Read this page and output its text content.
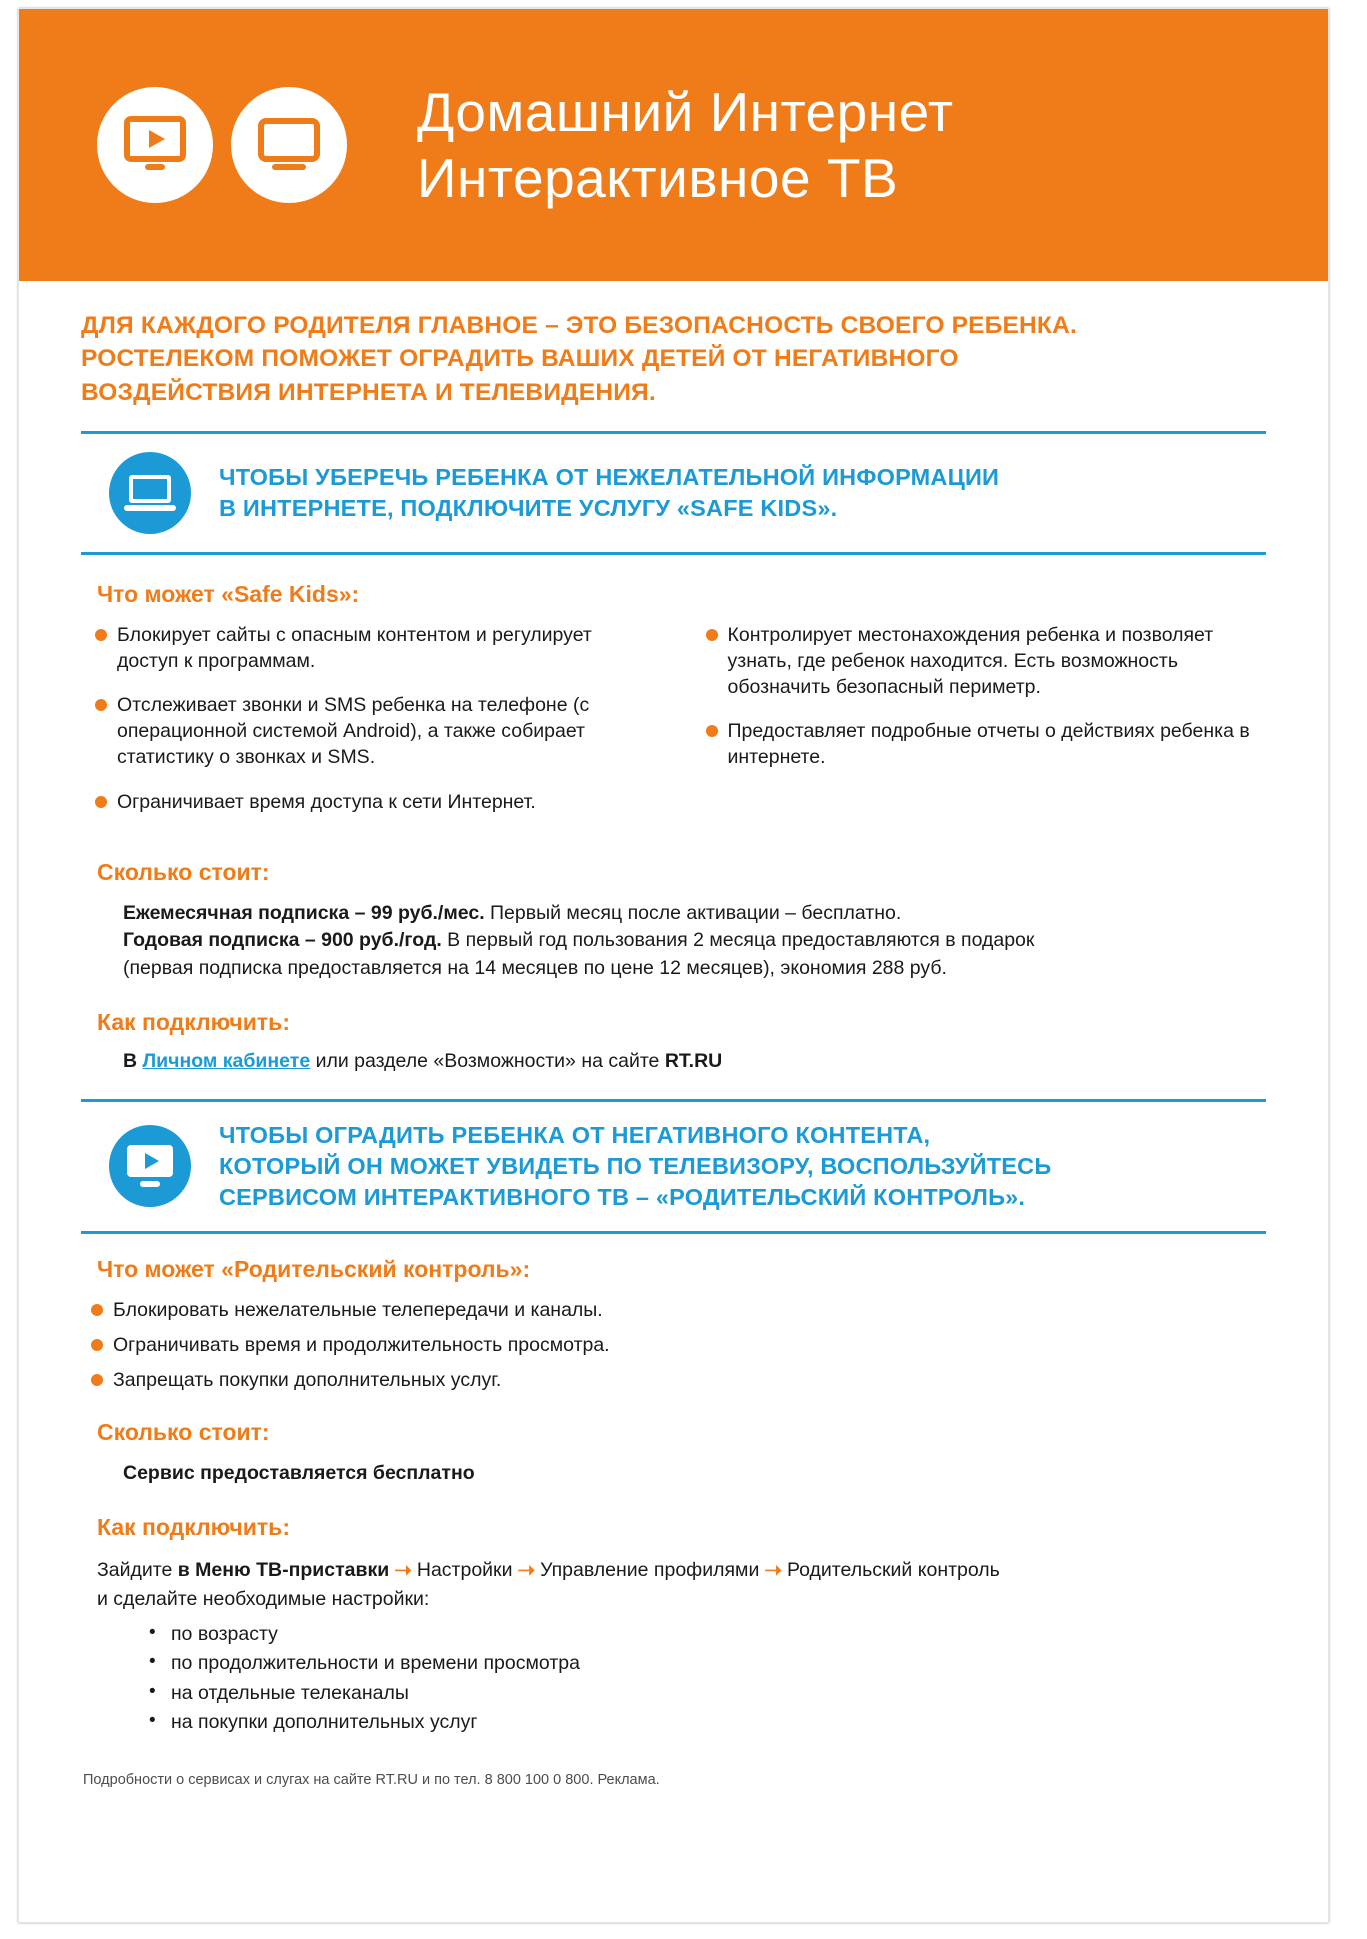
Домашний Интернет
Интерактивное ТВ
ДЛЯ КАЖДОГО РОДИТЕЛЯ ГЛАВНОЕ – ЭТО БЕЗОПАСНОСТЬ СВОЕГО РЕБЕНКА.
РОСТЕЛЕКОМ ПОМОЖЕТ ОГРАДИТЬ ВАШИХ ДЕТЕЙ ОТ НЕГАТИВНОГО
ВОЗДЕЙСТВИЯ ИНТЕРНЕТА И ТЕЛЕВИДЕНИЯ.
ЧТОБЫ УБЕРЕЧЬ РЕБЕНКА ОТ НЕЖЕЛАТЕЛЬНОЙ ИНФОРМАЦИИ
В ИНТЕРНЕТЕ, ПОДКЛЮЧИТЕ УСЛУГУ «SAFE KIDS».
Что может «Safe Kids»:
Блокирует сайты с опасным контентом и регулирует доступ к программам.
Отслеживает звонки и SMS ребенка на телефоне (с операционной системой Android), а также собирает статистику о звонках и SMS.
Ограничивает время доступа к сети Интернет.
Контролирует местонахождения ребенка и позволяет узнать, где ребенок находится. Есть возможность обозначить безопасный периметр.
Предоставляет подробные отчеты о действиях ребенка в интернете.
Сколько стоит:
Ежемесячная подписка – 99 руб./мес. Первый месяц после активации – бесплатно.
Годовая подписка – 900 руб./год. В первый год пользования 2 месяца предоставляются в подарок
(первая подписка предоставляется на 14 месяцев по цене 12 месяцев), экономия 288 руб.
Как подключить:
В Личном кабинете или разделе «Возможности» на сайте RT.RU
ЧТОБЫ ОГРАДИТЬ РЕБЕНКА ОТ НЕГАТИВНОГО КОНТЕНТА,
КОТОРЫЙ ОН МОЖЕТ УВИДЕТЬ ПО ТЕЛЕВИЗОРУ, ВОСПОЛЬЗУЙТЕСЬ
СЕРВИСОМ ИНТЕРАКТИВНОГО ТВ – «РОДИТЕЛЬСКИЙ КОНТРОЛЬ».
Что может «Родительский контроль»:
Блокировать нежелательные телепередачи и каналы.
Ограничивать время и продолжительность просмотра.
Запрещать покупки дополнительных услуг.
Сколько стоит:
Сервис предоставляется бесплатно
Как подключить:
Зайдите в Меню ТВ-приставки ➝ Настройки ➝ Управление профилями ➝ Родительский контроль
и сделайте необходимые настройки:
• по возрасту
• по продолжительности и времени просмотра
• на отдельные телеканалы
• на покупки дополнительных услуг
Подробности о сервисах и слугах на сайте RT.RU и по тел. 8 800 100 0 800. Реклама.
